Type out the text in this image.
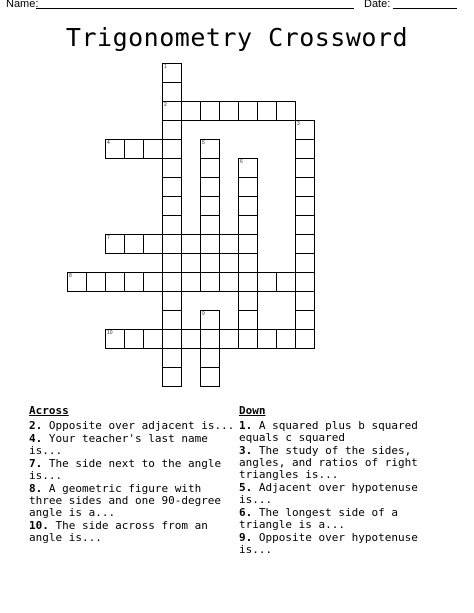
Name:	Date:
Trigonometry Crossword
1
2
3
4	5
6
7
8
9
10
Across
2. Opposite over adjacent is...
4. Your teacher's last name is...
7. The side next to the angle is...
8. A geometric figure with three sides and one 90-degree angle is a...
10. The side across from an angle is...
Down
1. A squared plus b squared equals c squared
3. The study of the sides, angles, and ratios of right triangles is...
5. Adjacent over hypotenuse is...
6. The longest side of a triangle is a...
9. Opposite over hypotenuse is...
